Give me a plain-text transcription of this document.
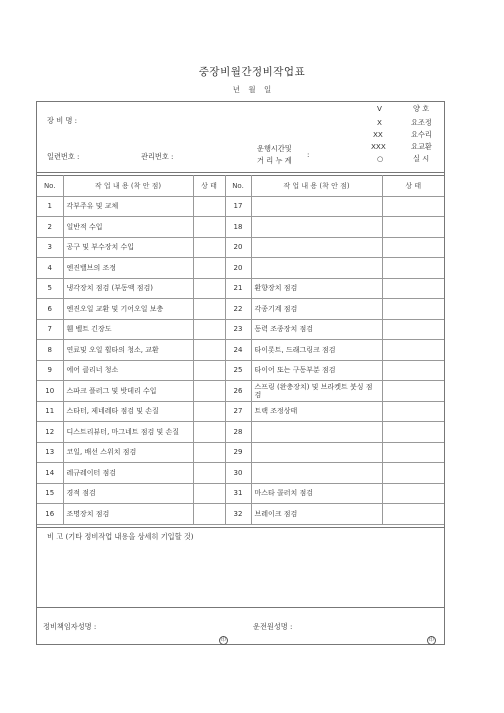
중장비월간정비작업표
년 월 일
장 비 명 :
일련번호 :	관리번호 :
운행시간및
거 리 누 계
:
V	양 호
X	요조정
XX	요수리
XXX	요교환
○	실 시
No.	작 업 내 용 (착 안 점)	상 태	No.	작 업 내 용 (착 안 점)	상 태
1	각부주유 및 교체		17		
2	일반적 수입		18		
3	공구 및 부수장치 수입		20		
4	엔진밸브의 조정		20		
5	냉각장치 점검 (부동액 점검)		21	환향장치 점검	
6	엔진오일 교환 및 기어오일 보충		22	각종기계 점검	
7	휀 벨트 긴장도		23	동력 조종장치 점검	
8	연료및 오일 휠타의 청소, 교환		24	타이롯트, 드래그링크 점검	
9	에어 클리너 청소		25	타이어 또는 구동부분 점검	
10	스파크 플러그 및 밧데리 수입		26	스프링 (완충장치) 및 브라켓트 붓싱 점검	
11	스타터, 제네레타 점검 및 손질		27	트랙 조정상태	
12	디스트리뷰터, 마그네트 점검 및 손질		28		
13	코일, 배선 스위치 점검		29		
14	레규레이터 점검		30		
15	경적 점검		31	마스타 콜러치 점검	
16	조명장치 점검		32	브레이크 점검	
비 고 (기타 정비작업 내용을 상세히 기입할 것)
정비책임자성명 :
印
운전원성명 :
印
